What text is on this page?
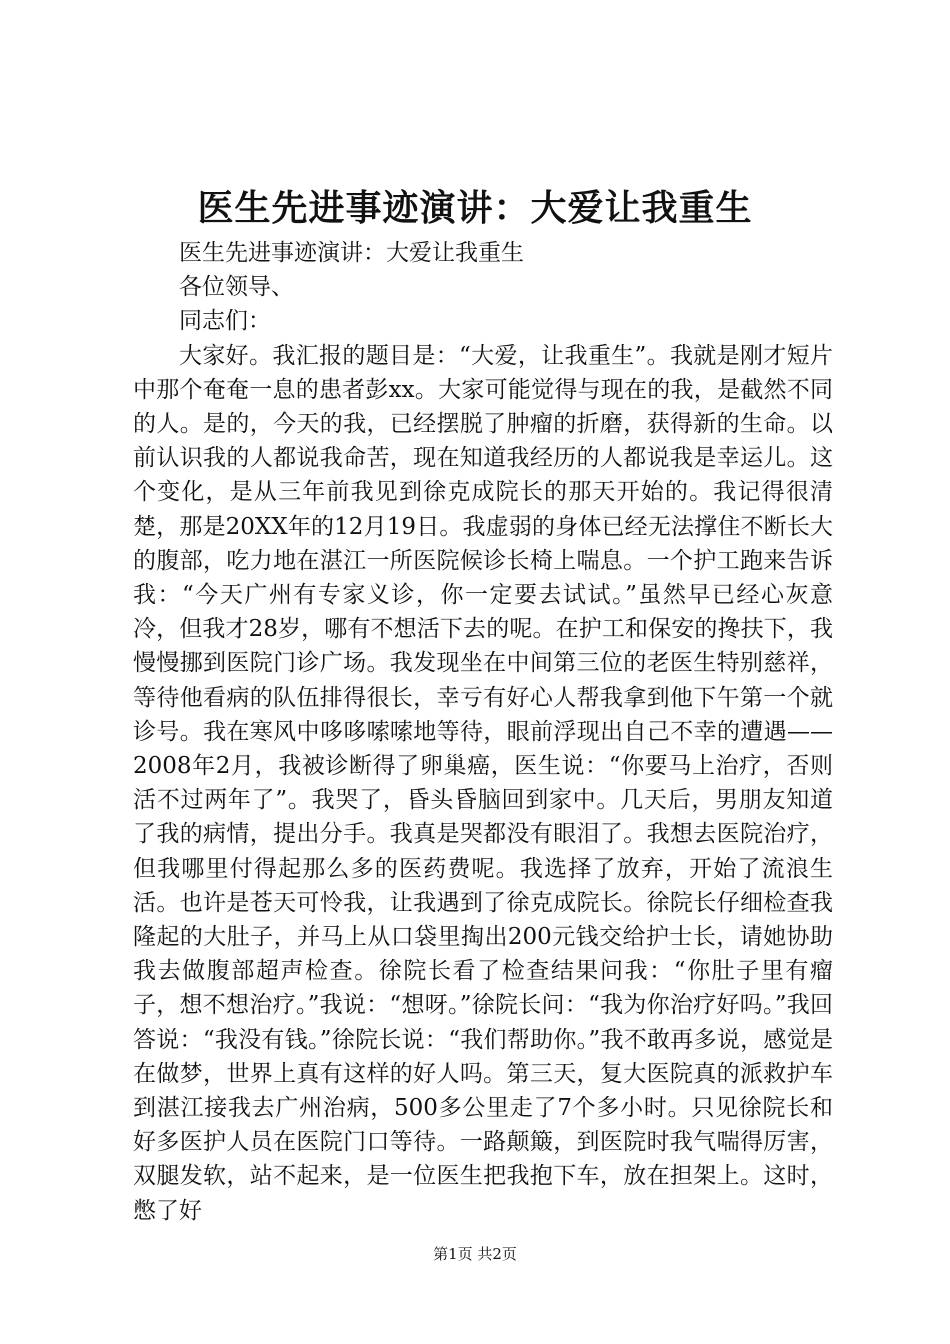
医生先进事迹演讲：大爱让我重生

医生先进事迹演讲：大爱让我重生

各位领导、

同志们：

大家好。我汇报的题目是：“大爱，让我重生”。我就是刚才短片中那个奄奄一息的患者彭xx。大家可能觉得与现在的我，是截然不同的人。是的，今天的我，已经摆脱了肿瘤的折磨，获得新的生命。以前认识我的人都说我命苦，现在知道我经历的人都说我是幸运儿。这个变化，是从三年前我见到徐克成院长的那天开始的。我记得很清楚，那是20XX年的12月19日。我虚弱的身体已经无法撑住不断长大的腹部，吃力地在湛江一所医院候诊长椅上喘息。一个护工跑来告诉我：“今天广州有专家义诊，你一定要去试试。”虽然早已经心灰意冷，但我才28岁，哪有不想活下去的呢。在护工和保安的搀扶下，我慢慢挪到医院门诊广场。我发现坐在中间第三位的老医生特别慈祥，等待他看病的队伍排得很长，幸亏有好心人帮我拿到他下午第一个就诊号。我在寒风中哆哆嗦嗦地等待，眼前浮现出自己不幸的遭遇——2008年2月，我被诊断得了卵巢癌，医生说：“你要马上治疗，否则活不过两年了”。我哭了，昏头昏脑回到家中。几天后，男朋友知道了我的病情，提出分手。我真是哭都没有眼泪了。我想去医院治疗，但我哪里付得起那么多的医药费呢。我选择了放弃，开始了流浪生活。也许是苍天可怜我，让我遇到了徐克成院长。徐院长仔细检查我隆起的大肚子，并马上从口袋里掏出200元钱交给护士长，请她协助我去做腹部超声检查。徐院长看了检查结果问我：“你肚子里有瘤子，想不想治疗。”我说：“想呀。”徐院长问：“我为你治疗好吗。”我回答说：“我没有钱。”徐院长说：“我们帮助你。”我不敢再多说，感觉是在做梦，世界上真有这样的好人吗。第三天，复大医院真的派救护车到湛江接我去广州治病，500多公里走了7个多小时。只见徐院长和好多医护人员在医院门口等待。一路颠簸，到医院时我气喘得厉害，双腿发软，站不起来，是一位医生把我抱下车，放在担架上。这时，憋了好

第1页 共2页
